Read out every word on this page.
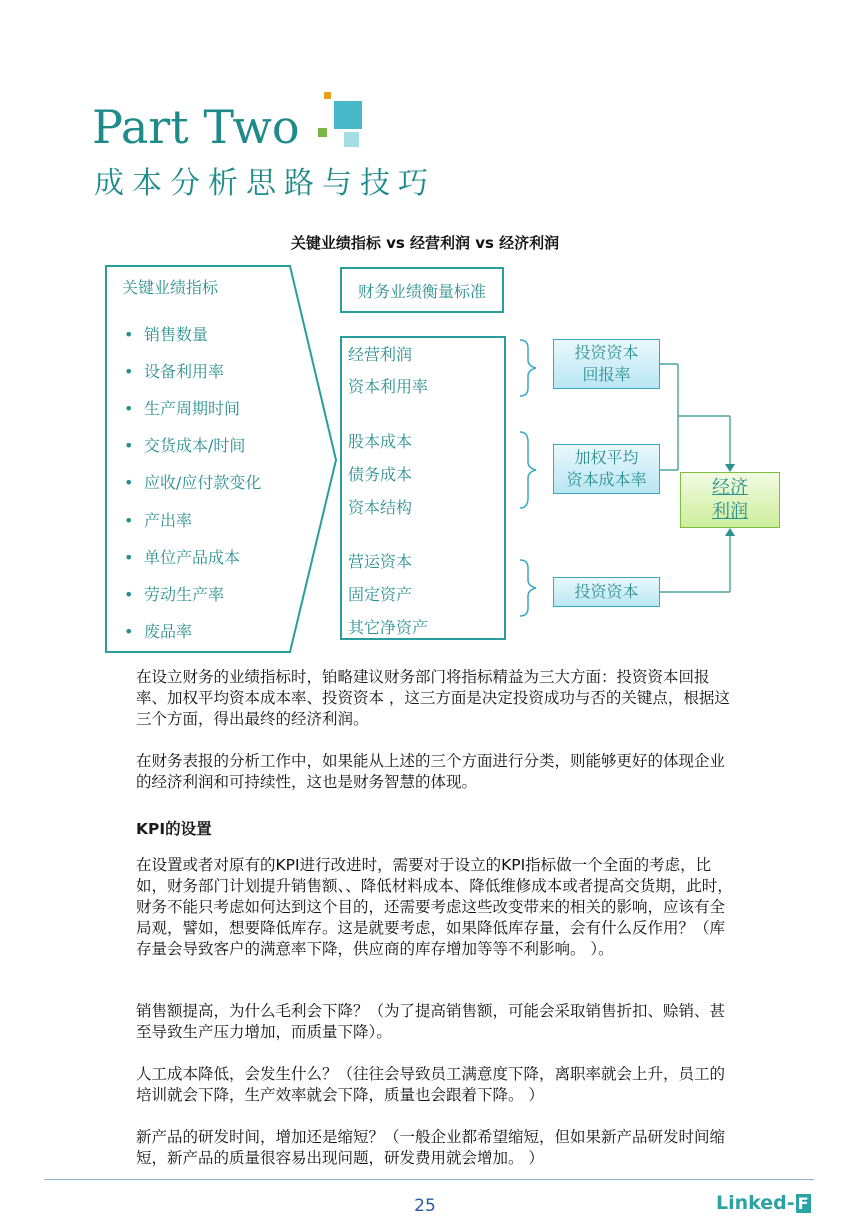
Part Two
成本分析思路与技巧
关键业绩指标 vs 经营利润 vs 经济利润
关键业绩指标
• 销售数量
• 设备利用率
• 生产周期时间
• 交货成本/时间
• 应收/应付款变化
• 产出率
• 单位产品成本
• 劳动生产率
• 废品率
财务业绩衡量标准
经营利润
资本利用率
股本成本
债务成本
资本结构
营运资本
固定资产
其它净资产
投资资本
回报率
加权平均
资本成本率
投资资本
经济
利润
在设立财务的业绩指标时，铂略建议财务部门将指标精益为三大方面：投资资本回报率、加权平均资本成本率、投资资本 ，这三方面是决定投资成功与否的关键点，根据这三个方面，得出最终的经济利润。
在财务表报的分析工作中，如果能从上述的三个方面进行分类，则能够更好的体现企业的经济利润和可持续性，这也是财务智慧的体现。
KPI的设置
在设置或者对原有的KPI进行改进时，需要对于设立的KPI指标做一个全面的考虑，比如，财务部门计划提升销售额、、降低材料成本、降低维修成本或者提高交货期，此时，财务不能只考虑如何达到这个目的，还需要考虑这些改变带来的相关的影响，应该有全局观，譬如，想要降低库存。这是就要考虑，如果降低库存量，会有什么反作用？（库存量会导致客户的满意率下降，供应商的库存增加等等不利影响。 ）。
销售额提高，为什么毛利会下降？（为了提高销售额，可能会采取销售折扣、赊销、甚至导致生产压力增加，而质量下降）。
人工成本降低，会发生什么？（往往会导致员工满意度下降，离职率就会上升，员工的培训就会下降，生产效率就会下降，质量也会跟着下降。 ）
新产品的研发时间，增加还是缩短？（一般企业都希望缩短，但如果新产品研发时间缩短，新产品的质量很容易出现问题，研发费用就会增加。 ）
25	Linked- F
